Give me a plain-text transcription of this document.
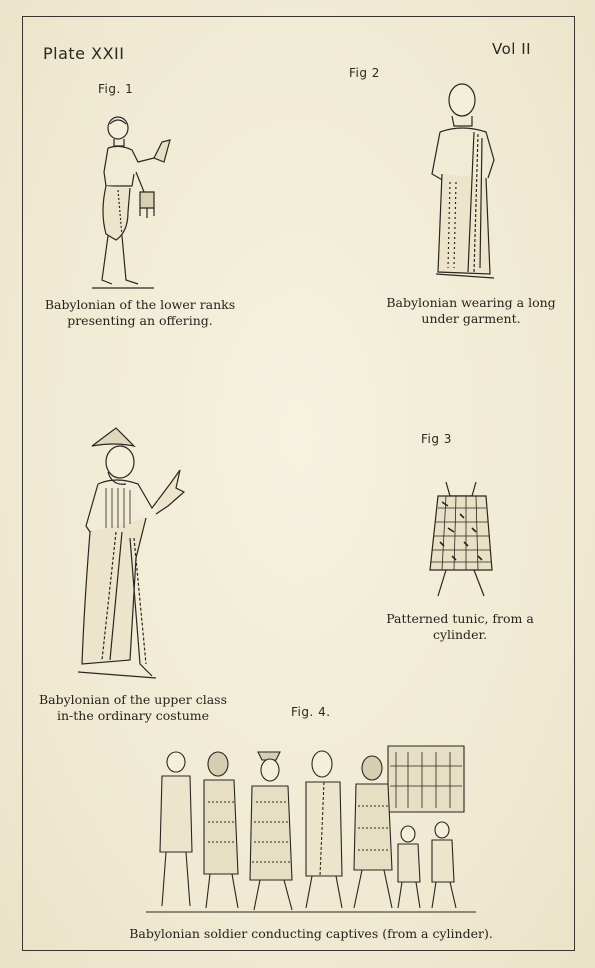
Plate XXII	Vol II
Fig. 1
Fig 2
Fig 3
Fig. 4.
Babylonian of the lower ranks
presenting an offering.
Babylonian wearing a long
under garment.
Babylonian of the upper class
in-the ordinary costume
Patterned tunic, from a
cylinder.
Babylonian soldier conducting captives (from a cylinder).
